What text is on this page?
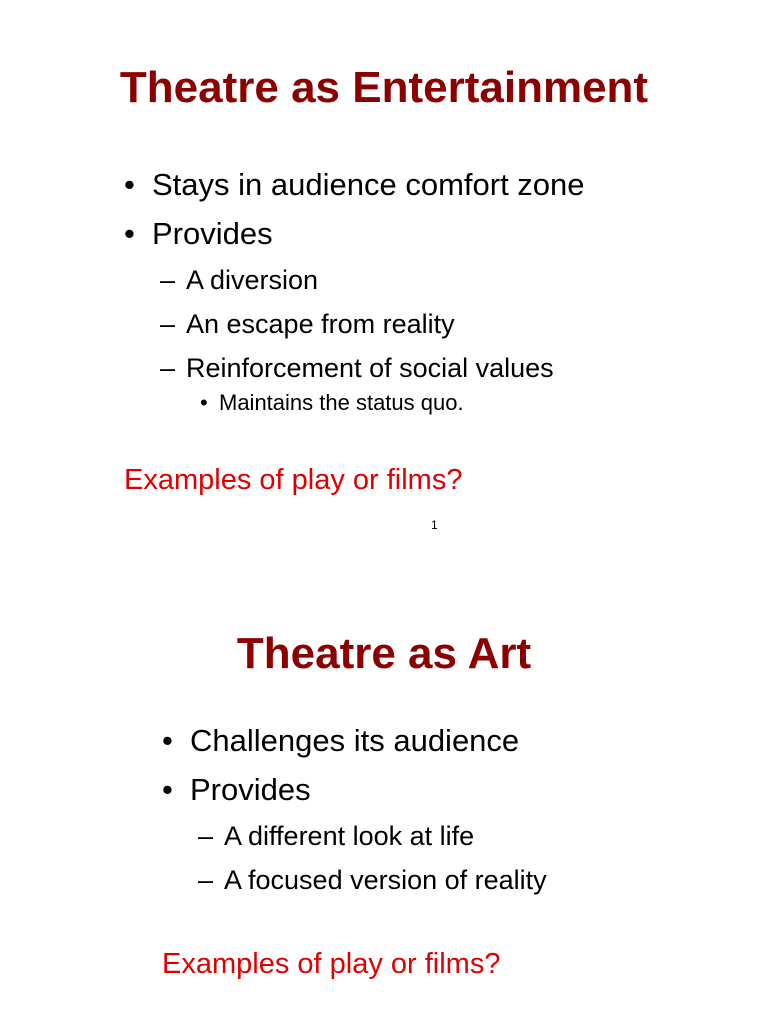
Theatre as Entertainment
• Stays in audience comfort zone
• Provides
– A diversion
– An escape from reality
– Reinforcement of social values
• Maintains the status quo.

Examples of play or films?

1
Theatre as Art
• Challenges its audience
• Provides
– A different look at life
– A focused version of reality

Examples of play or films?
